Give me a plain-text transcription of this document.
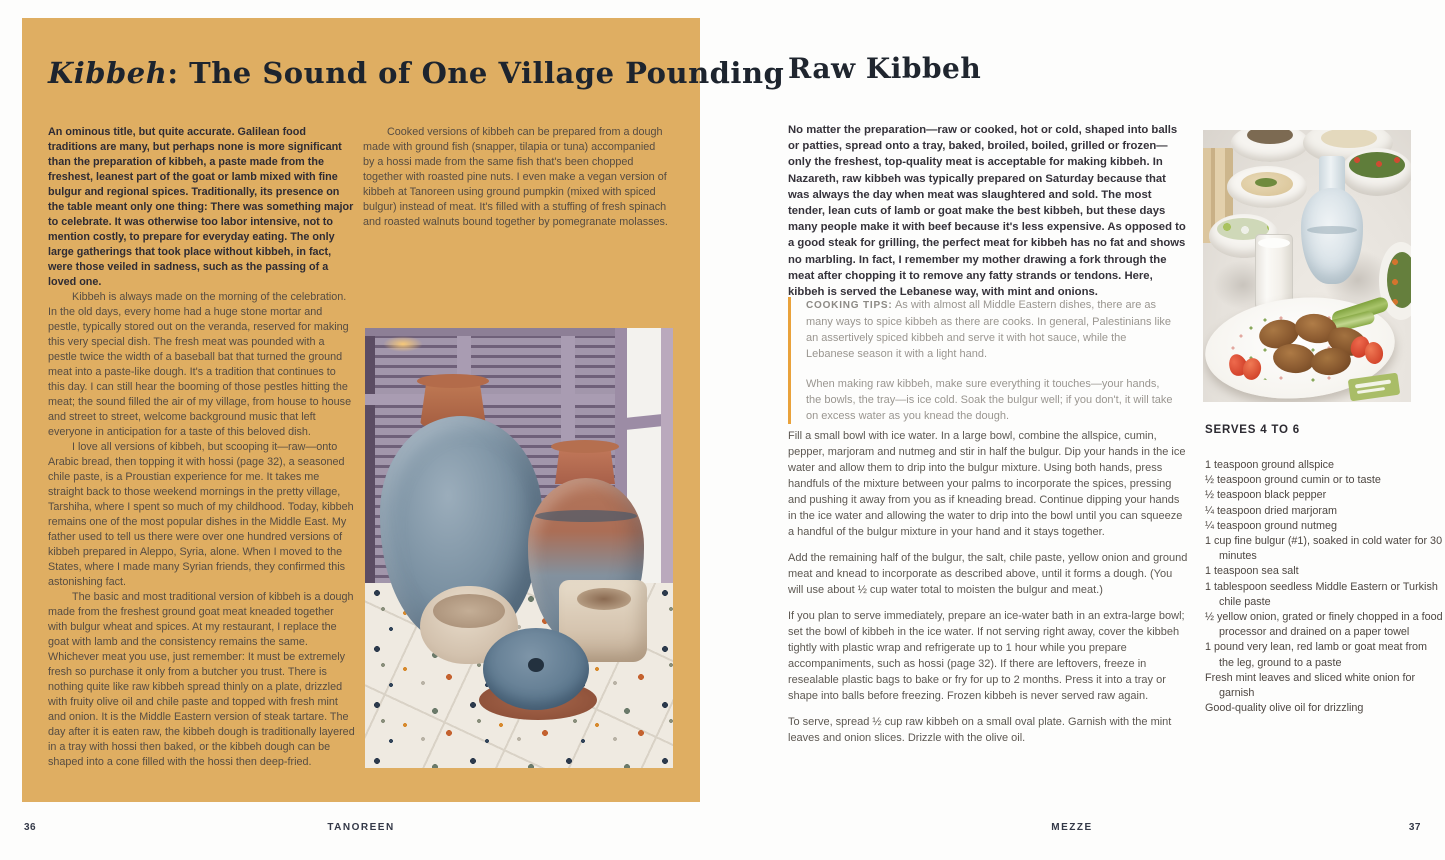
Kibbeh: The Sound of One Village Pounding

An ominous title, but quite accurate. Galilean food traditions are many, but perhaps none is more significant than the preparation of kibbeh, a paste made from the freshest, leanest part of the goat or lamb mixed with fine bulgur and regional spices. Traditionally, its presence on the table meant only one thing: There was something major to celebrate. It was otherwise too labor intensive, not to mention costly, to prepare for everyday eating. The only large gatherings that took place without kibbeh, in fact, were those veiled in sadness, such as the passing of a loved one.

Kibbeh is always made on the morning of the celebration. In the old days, every home had a huge stone mortar and pestle, typically stored out on the veranda, reserved for making this very special dish. The fresh meat was pounded with a pestle twice the width of a baseball bat that turned the ground meat into a paste-like dough. It's a tradition that continues to this day. I can still hear the booming of those pestles hitting the meat; the sound filled the air of my village, from house to house and street to street, welcome background music that left everyone in anticipation for a taste of this beloved dish.

I love all versions of kibbeh, but scooping it—raw—onto Arabic bread, then topping it with hossi (page 32), a seasoned chile paste, is a Proustian experience for me. It takes me straight back to those weekend mornings in the pretty village, Tarshiha, where I spent so much of my childhood. Today, kibbeh remains one of the most popular dishes in the Middle East. My father used to tell us there were over one hundred versions of kibbeh prepared in Aleppo, Syria, alone. When I moved to the States, where I made many Syrian friends, they confirmed this astonishing fact.

The basic and most traditional version of kibbeh is a dough made from the freshest ground goat meat kneaded together with bulgur wheat and spices. At my restaurant, I replace the goat with lamb and the consistency remains the same. Whichever meat you use, just remember: It must be extremely fresh so purchase it only from a butcher you trust. There is nothing quite like raw kibbeh spread thinly on a plate, drizzled with fruity olive oil and chile paste and topped with fresh mint and onion. It is the Middle Eastern version of steak tartare. The day after it is eaten raw, the kibbeh dough is traditionally layered in a tray with hossi then baked, or the kibbeh dough can be shaped into a cone filled with the hossi then deep-fried.

Cooked versions of kibbeh can be prepared from a dough made with ground fish (snapper, tilapia or tuna) accompanied by a hossi made from the same fish that's been chopped together with roasted pine nuts. I even make a vegan version of kibbeh at Tanoreen using ground pumpkin (mixed with spiced bulgur) instead of meat. It's filled with a stuffing of fresh spinach and roasted walnuts bound together by pomegranate molasses.

Raw Kibbeh

No matter the preparation—raw or cooked, hot or cold, shaped into balls or patties, spread onto a tray, baked, broiled, boiled, grilled or frozen—only the freshest, top-quality meat is acceptable for making kibbeh. In Nazareth, raw kibbeh was typically prepared on Saturday because that was always the day when meat was slaughtered and sold. The most tender, lean cuts of lamb or goat make the best kibbeh, but these days many people make it with beef because it's less expensive. As opposed to a good steak for grilling, the perfect meat for kibbeh has no fat and shows no marbling. In fact, I remember my mother drawing a fork through the meat after chopping it to remove any fatty strands or tendons. Here, kibbeh is served the Lebanese way, with mint and onions.

COOKING TIPS: As with almost all Middle Eastern dishes, there are as many ways to spice kibbeh as there are cooks. In general, Palestinians like an assertively spiced kibbeh and serve it with hot sauce, while the Lebanese season it with a light hand.

When making raw kibbeh, make sure everything it touches—your hands, the bowls, the tray—is ice cold. Soak the bulgur well; if you don't, it will take on excess water as you knead the dough.

Fill a small bowl with ice water. In a large bowl, combine the allspice, cumin, pepper, marjoram and nutmeg and stir in half the bulgur. Dip your hands in the ice water and allow them to drip into the bulgur mixture. Using both hands, press handfuls of the mixture between your palms to incorporate the spices, pressing and pushing it away from you as if kneading bread. Continue dipping your hands in the ice water and allowing the water to drip into the bowl until you can squeeze a handful of the bulgur mixture in your hand and it stays together.

Add the remaining half of the bulgur, the salt, chile paste, yellow onion and ground meat and knead to incorporate as described above, until it forms a dough. (You will use about ½ cup water total to moisten the bulgur and meat.)

If you plan to serve immediately, prepare an ice-water bath in an extra-large bowl; set the bowl of kibbeh in the ice water. If not serving right away, cover the kibbeh tightly with plastic wrap and refrigerate up to 1 hour while you prepare accompaniments, such as hossi (page 32). If there are leftovers, freeze in resealable plastic bags to bake or fry for up to 2 months. Press it into a tray or shape into balls before freezing. Frozen kibbeh is never served raw again.

To serve, spread ½ cup raw kibbeh on a small oval plate. Garnish with the mint leaves and onion slices. Drizzle with the olive oil.

SERVES 4 TO 6
1 teaspoon ground allspice
½ teaspoon ground cumin or to taste
½ teaspoon black pepper
¼ teaspoon dried marjoram
¼ teaspoon ground nutmeg
1 cup fine bulgur (#1), soaked in cold water for 30 minutes
1 teaspoon sea salt
1 tablespoon seedless Middle Eastern or Turkish chile paste
½ yellow onion, grated or finely chopped in a food processor and drained on a paper towel
1 pound very lean, red lamb or goat meat from the leg, ground to a paste
Fresh mint leaves and sliced white onion for garnish
Good-quality olive oil for drizzling
36	TANOREEN	MEZZE	37
